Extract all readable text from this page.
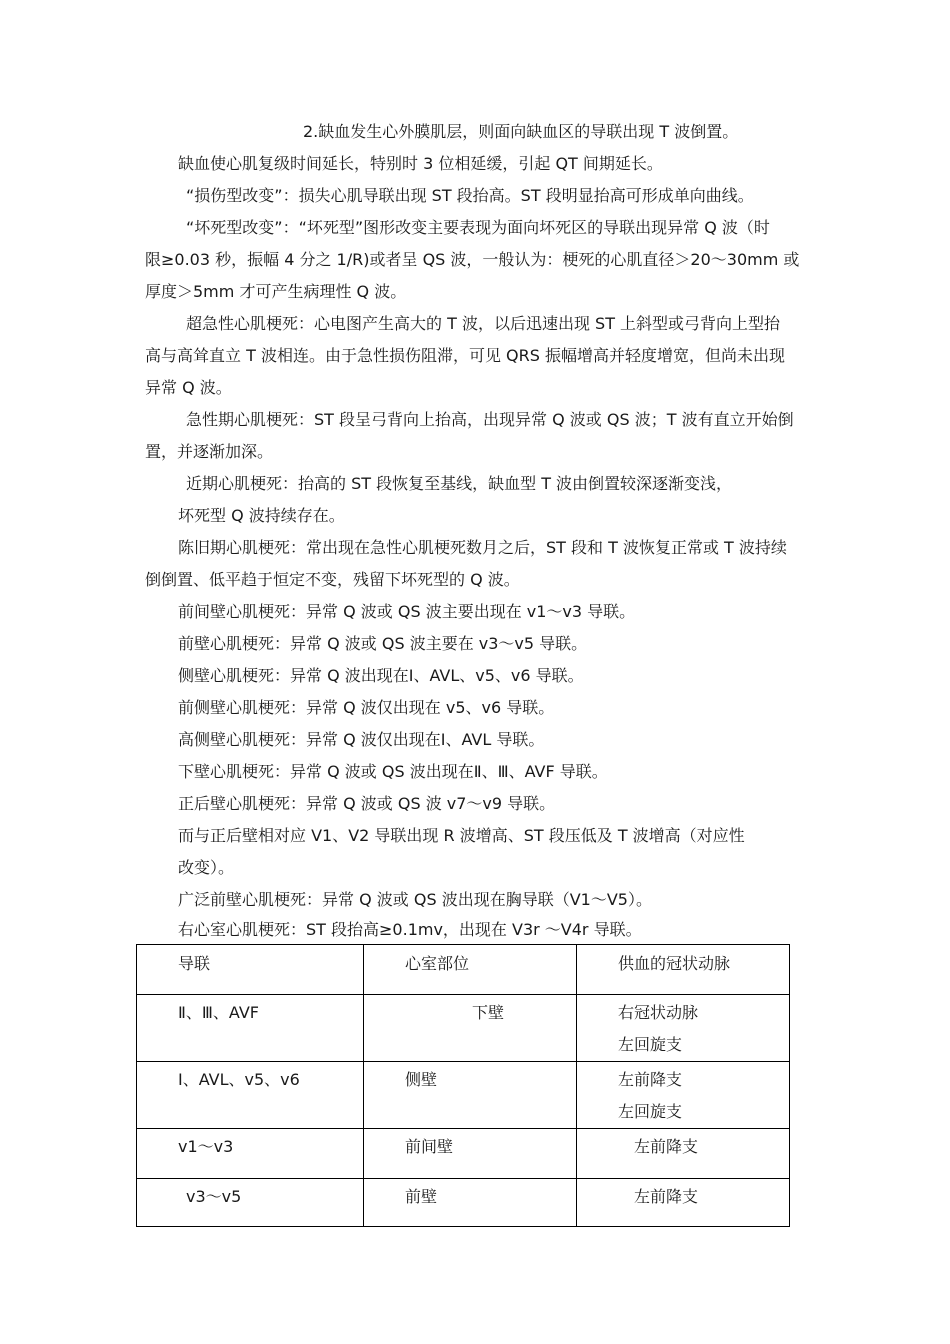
2.缺血发生心外膜肌层，则面向缺血区的导联出现 T 波倒置。
缺血使心肌复级时间延长，特别时 3 位相延缓，引起 QT 间期延长。
“损伤型改变”：损失心肌导联出现 ST 段抬高。ST 段明显抬高可形成单向曲线。
“坏死型改变”：“坏死型”图形改变主要表现为面向坏死区的导联出现异常 Q 波（时
限≥0.03 秒，振幅 4 分之 1/R)或者呈 QS 波，一般认为：梗死的心肌直径＞20～30mm 或
厚度＞5mm 才可产生病理性 Q 波。
超急性心肌梗死：心电图产生高大的 T 波，以后迅速出现 ST 上斜型或弓背向上型抬
高与高耸直立 T 波相连。由于急性损伤阻滞，可见 QRS 振幅增高并轻度增宽，但尚未出现
异常 Q 波。
急性期心肌梗死：ST 段呈弓背向上抬高，出现异常 Q 波或 QS 波；T 波有直立开始倒
置，并逐渐加深。
近期心肌梗死：抬高的 ST 段恢复至基线，缺血型 T 波由倒置较深逐渐变浅，
坏死型 Q 波持续存在。
陈旧期心肌梗死：常出现在急性心肌梗死数月之后，ST 段和 T 波恢复正常或 T 波持续
倒倒置、低平趋于恒定不变，残留下坏死型的 Q 波。
前间壁心肌梗死：异常 Q 波或 QS 波主要出现在 v1～v3 导联。
前壁心肌梗死：异常 Q 波或 QS 波主要在 v3～v5 导联。
侧壁心肌梗死：异常 Q 波出现在Ⅰ、AVL、v5、v6 导联。
前侧壁心肌梗死：异常 Q 波仅出现在 v5、v6 导联。
高侧壁心肌梗死：异常 Q 波仅出现在Ⅰ、AVL 导联。
下壁心肌梗死：异常 Q 波或 QS 波出现在Ⅱ、Ⅲ、AVF 导联。
正后壁心肌梗死：异常 Q 波或 QS 波 v7～v9 导联。
而与正后壁相对应 V1、V2 导联出现 R 波增高、ST 段压低及 T 波增高（对应性
改变）。
广泛前壁心肌梗死：异常 Q 波或 QS 波出现在胸导联（V1～V5）。
右心室心肌梗死：ST 段抬高≥0.1mv，出现在 V3r ～V4r 导联。
导联	心室部位	供血的冠状动脉

Ⅱ、Ⅲ、AVF	下壁	右冠状动脉
左回旋支

Ⅰ、AVL、v5、v6	侧壁	左前降支
左回旋支

v1～v3	前间壁	左前降支

v3～v5	前壁	左前降支
